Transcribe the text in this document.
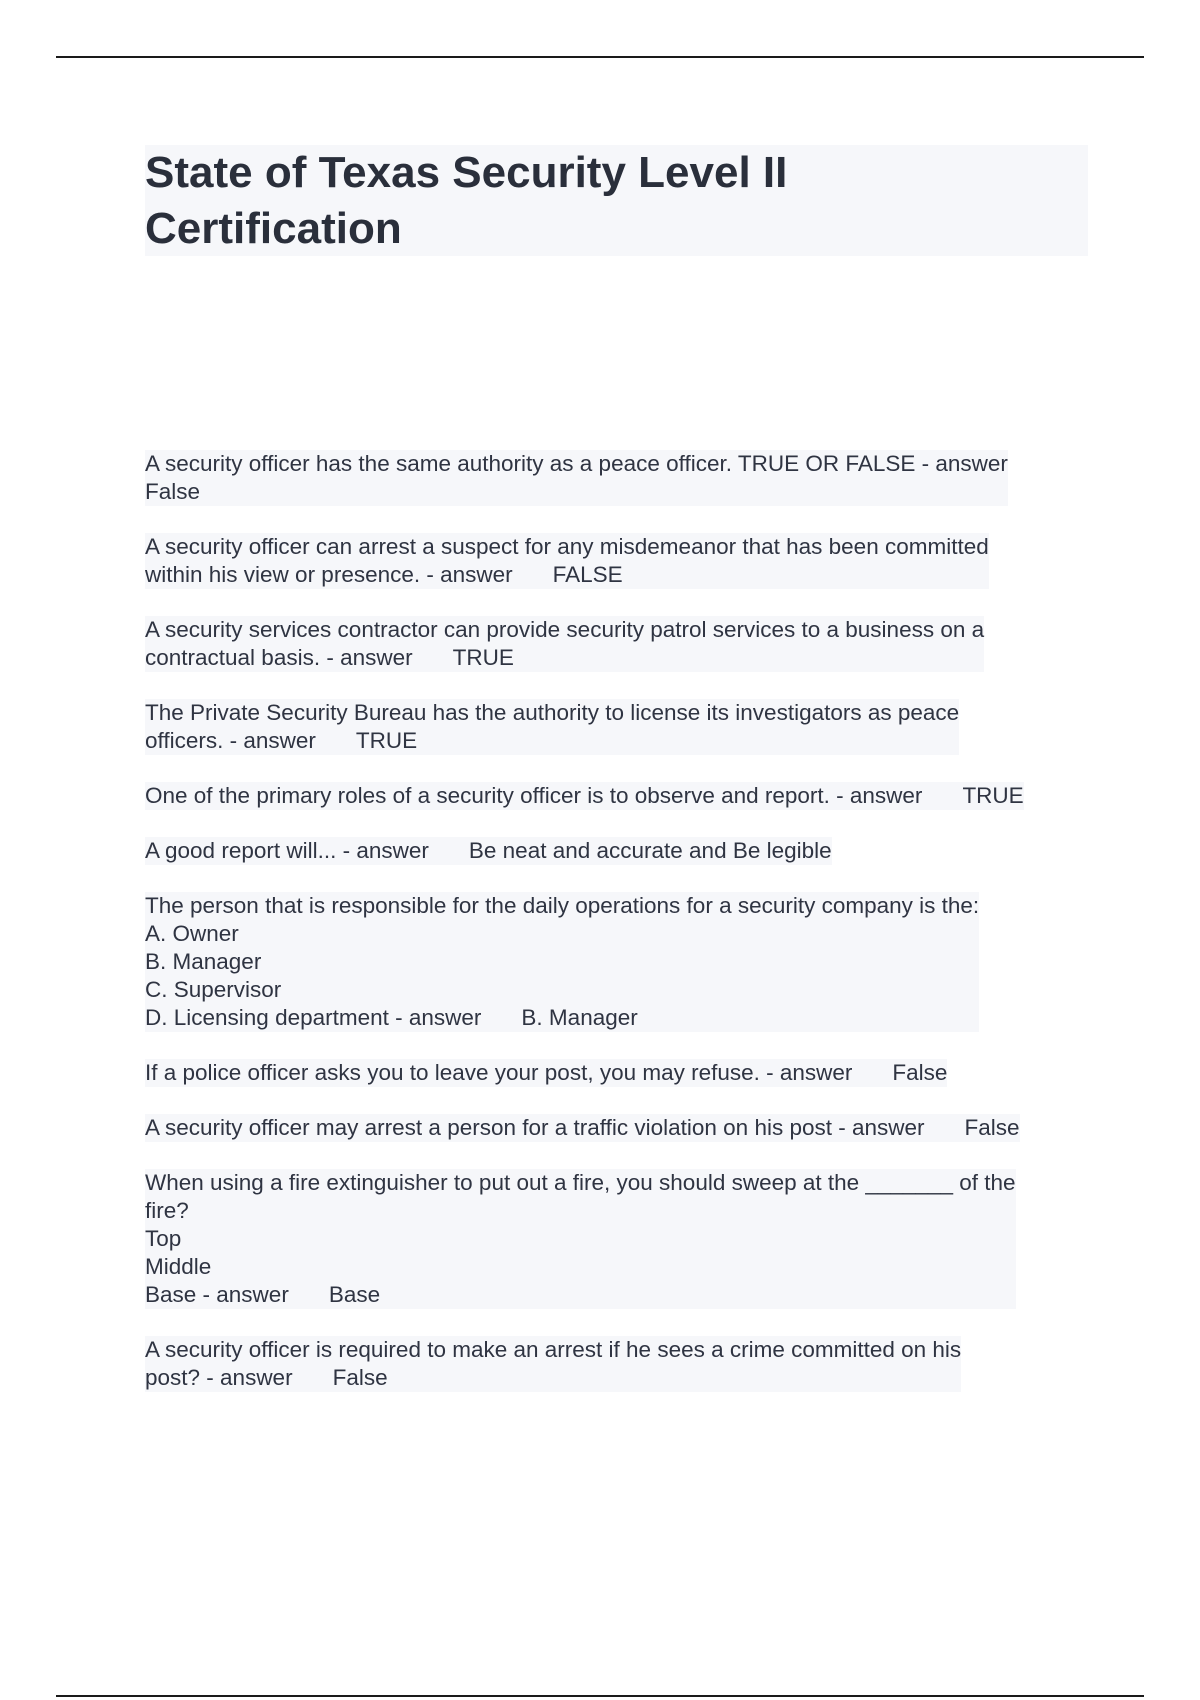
State of Texas Security Level II
Certification
A security officer has the same authority as a peace officer. TRUE OR FALSE - answer
False
A security officer can arrest a suspect for any misdemeanor that has been committed
within his view or presence. - answer FALSE
A security services contractor can provide security patrol services to a business on a
contractual basis. - answer TRUE
The Private Security Bureau has the authority to license its investigators as peace
officers. - answer TRUE
One of the primary roles of a security officer is to observe and report. - answer TRUE
A good report will... - answer Be neat and accurate and Be legible
The person that is responsible for the daily operations for a security company is the:
A. Owner
B. Manager
C. Supervisor
D. Licensing department - answer B. Manager
If a police officer asks you to leave your post, you may refuse. - answer False
A security officer may arrest a person for a traffic violation on his post - answer False
When using a fire extinguisher to put out a fire, you should sweep at the _______ of the
fire?
Top
Middle
Base - answer Base
A security officer is required to make an arrest if he sees a crime committed on his
post? - answer False
